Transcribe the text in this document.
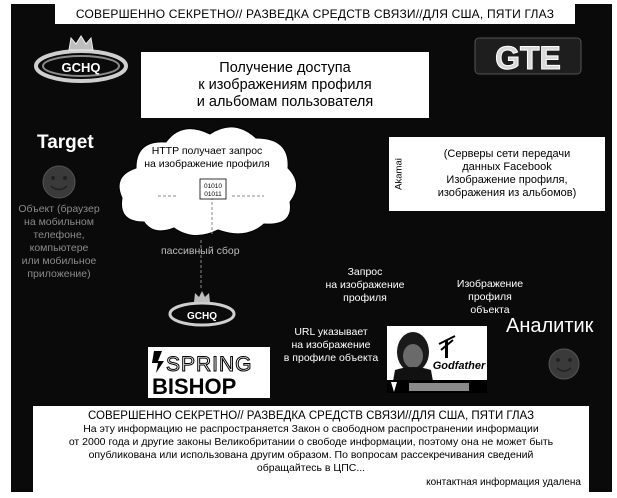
СОВЕРШЕННО СЕКРЕТНО// РАЗВЕДКА СРЕДСТВ СВЯЗИ//ДЛЯ США, ПЯТИ ГЛАЗ
GCHQ	GTE
Получение доступа
к изображениям профиля
и альбомам пользователя
Target
Объект (браузер
на мобильном
телефоне,
компьютере
или мобильное
приложение)
01010
01011
HTTP получает запрос
на изображение профиля
пассивный сбор
GCHQ
Akamai
(Серверы сети передачи
данных Facebook
Изображение профиля,
изображения из альбомов)
Запрос
на изображение
профиля
Изображение
профиля
объекта
URL указывает
на изображение
в профиле объекта
Аналитик
SPRING
BISHOP
Godfather
СОВЕРШЕННО СЕКРЕТНО// РАЗВЕДКА СРЕДСТВ СВЯЗИ//ДЛЯ США, ПЯТИ ГЛАЗ
На эту информацию не распространяется Закон о свободном распространении информации
от 2000 года и другие законы Великобритании о свободе информации, поэтому она не может быть
опубликована или использована другим образом. По вопросам рассекречивания сведений
обращайтесь в ЦПС...
контактная информация удалена
